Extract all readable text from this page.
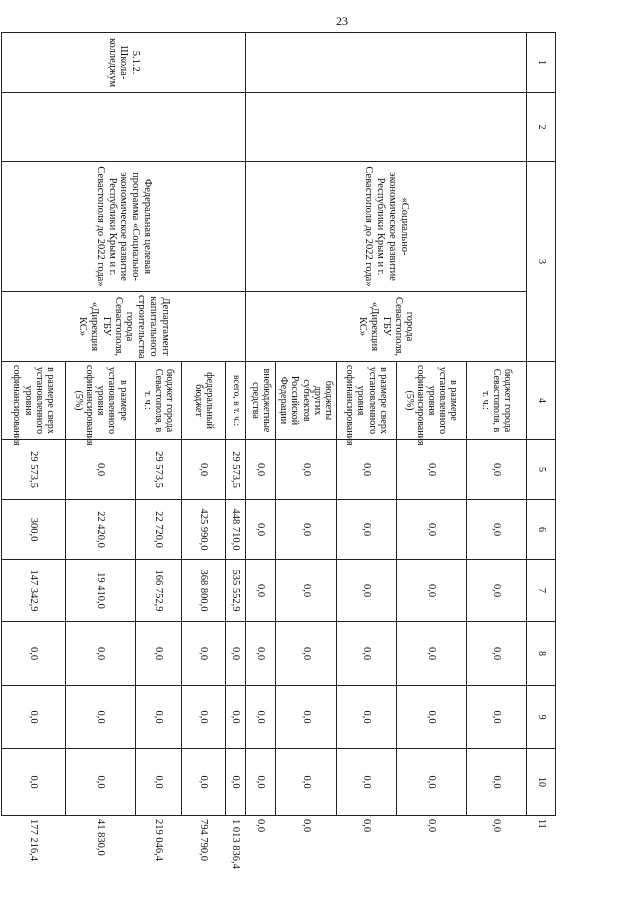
23
1	2	3		4	5	6	7	8	9	10	11
		«Социально-экономическое развитие Республики Крым и г. Севастополя до 2022 года»	города Севастополя, ГБУ «Дирекция КС»	бюджет города Севастополя, в т. ч.:	0,0	0,0	0,0	0,0	0,0	0,0	0,0
				в размере установленного уровня софинансирования (5%)	0,0	0,0	0,0	0,0	0,0	0,0	0,0
				в размере сверх установленного уровня софинансирования	0,0	0,0	0,0	0,0	0,0	0,0	0,0
				бюджеты других субъектов Российской Федерации	0,0	0,0	0,0	0,0	0,0	0,0	0,0
				внебюджетные средства	0,0	0,0	0,0	0,0	0,0	0,0	0,0
5.1.2. Школа-колледжум		Федеральная целевая программа «Социально-экономическое развитие Республики Крым и г. Севастополя до 2022 года»	Департамент капитального строительства города Севастополя, ГБУ «Дирекция КС»	всего, в т. ч.:	29 573,5	448 710,0	535 552,9	0,0	0,0	0,0	1 013 836,4
				федеральный бюджет	0,0	425 990,0	368 800,0	0,0	0,0	0,0	794 790,0
				бюджет города Севастополя, в т. ч.:	29 573,5	22 720,0	166 752,9	0,0	0,0	0,0	219 046,4
				в размере установленного уровня софинансирования (5%)	0,0	22 420,0	19 410,0	0,0	0,0	0,0	41 830,0
				в размере сверх установленного уровня софинансирования	29 573,5	300,0	147 342,9	0,0	0,0	0,0	177 216,4
